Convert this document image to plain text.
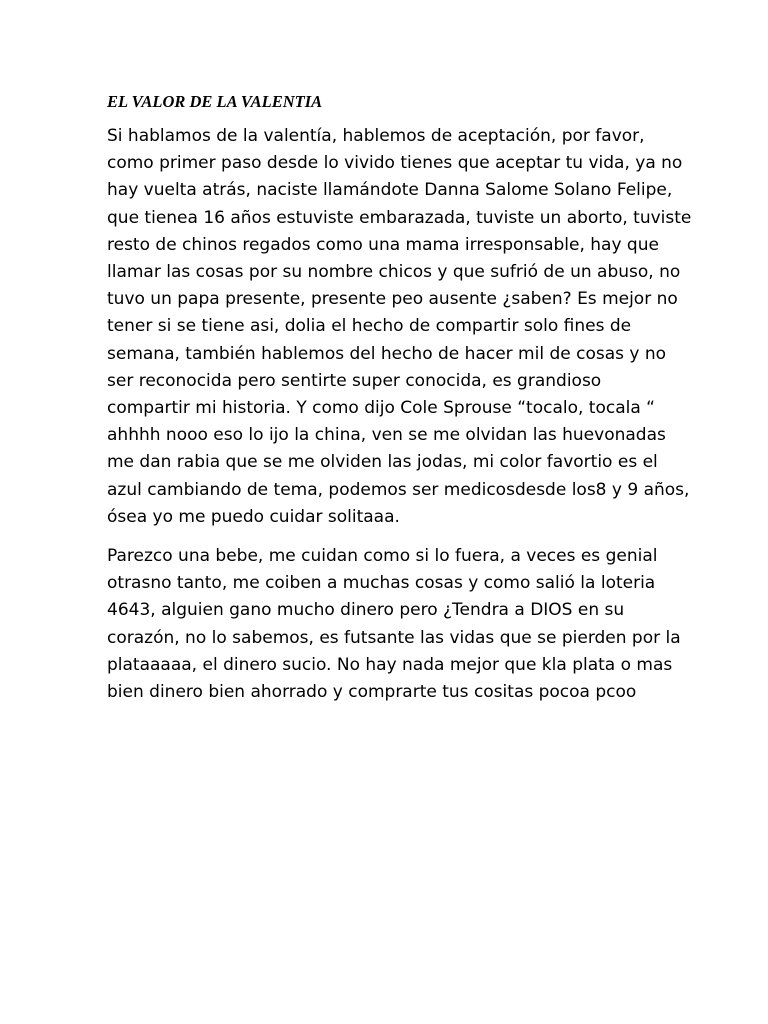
EL VALOR DE LA VALENTIA

Si hablamos de la valentía, hablemos de aceptación, por favor,
como primer paso desde lo vivido tienes que aceptar tu vida, ya no
hay vuelta atrás, naciste llamándote Danna Salome Solano Felipe,
que tienea 16 años estuviste embarazada, tuviste un aborto, tuviste
resto de chinos regados como una mama irresponsable, hay que
llamar las cosas por su nombre chicos y que sufrió de un abuso, no
tuvo un papa presente, presente peo ausente ¿saben? Es mejor no
tener si se tiene asi, dolia el hecho de compartir solo fines de
semana, también hablemos del hecho de hacer mil de cosas y no
ser reconocida pero sentirte super conocida, es grandioso
compartir mi historia. Y como dijo Cole Sprouse “tocalo, tocala “
ahhhh nooo eso lo ijo la china, ven se me olvidan las huevonadas
me dan rabia que se me olviden las jodas, mi color favortio es el
azul cambiando de tema, podemos ser medicosdesde los8 y 9 años,
ósea yo me puedo cuidar solitaaa.

Parezco una bebe, me cuidan como si lo fuera, a veces es genial
otrasno tanto, me coiben a muchas cosas y como salió la loteria
4643, alguien gano mucho dinero pero ¿Tendra a DIOS en su
corazón, no lo sabemos, es futsante las vidas que se pierden por la
plataaaaa, el dinero sucio. No hay nada mejor que kla plata o mas
bien dinero bien ahorrado y comprarte tus cositas pocoa pcoo
